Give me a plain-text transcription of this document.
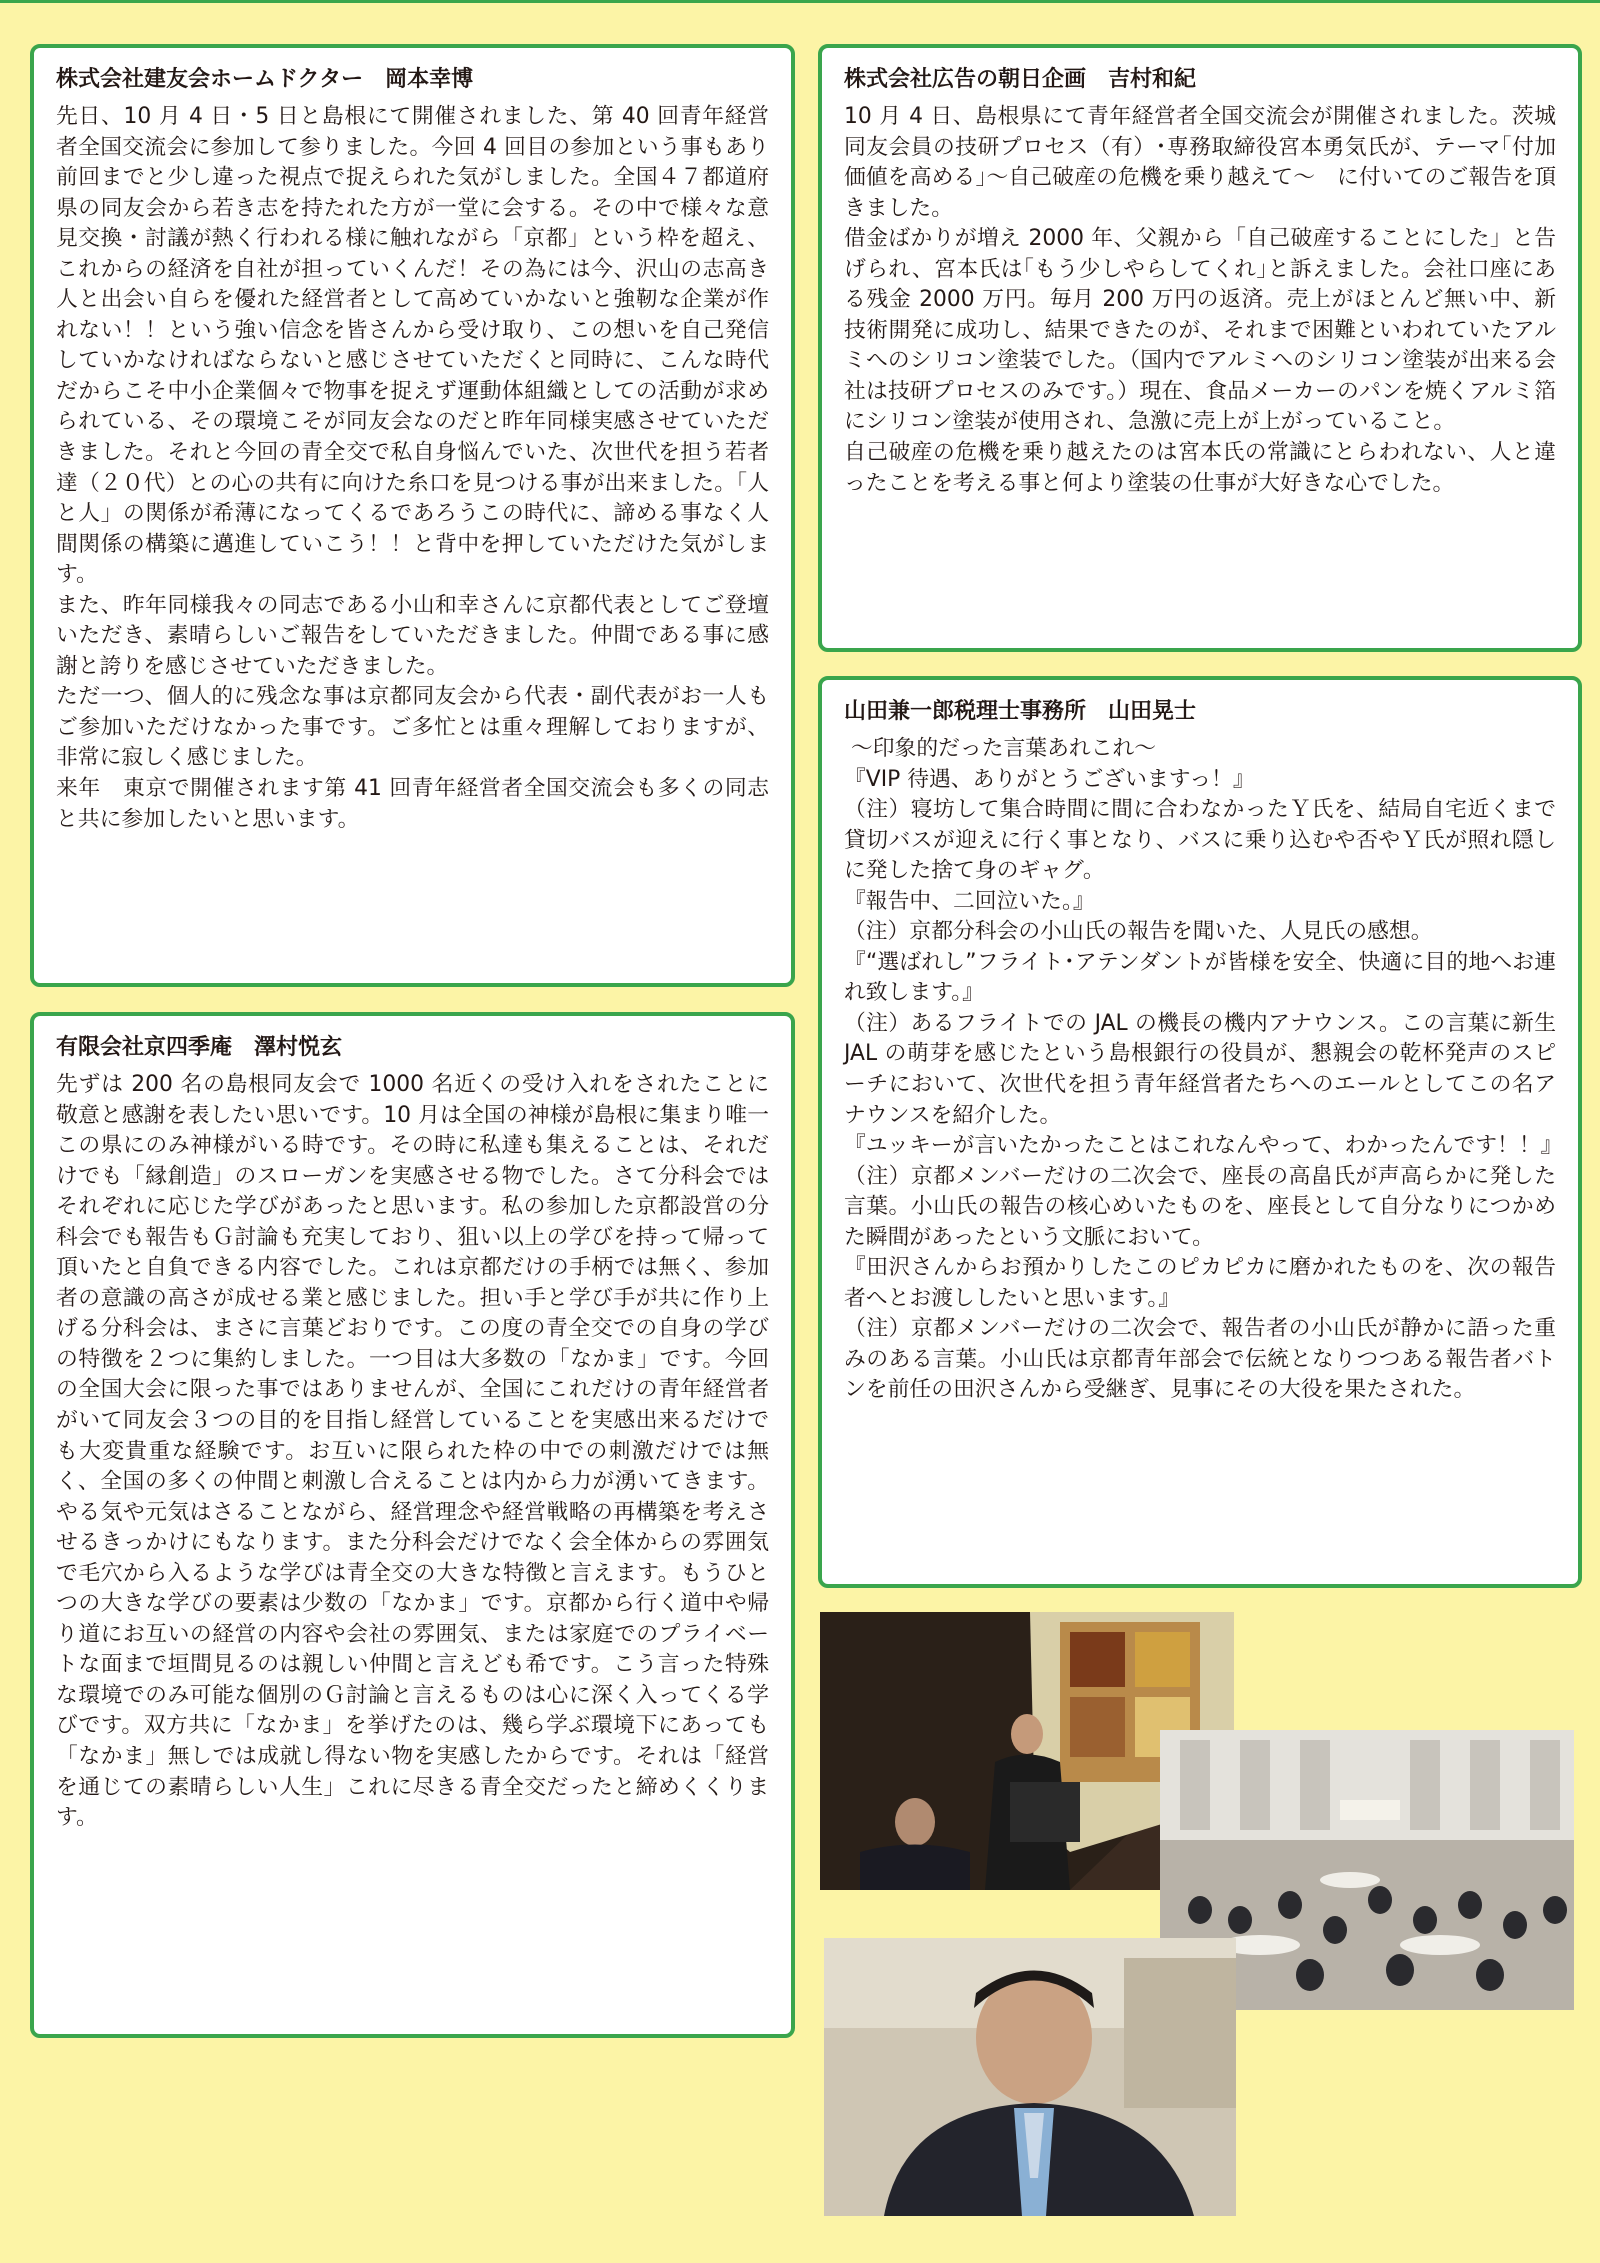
株式会社建友会ホームドクター　岡本幸博

先日、10 月 4 日・5 日と島根にて開催されました、第 40 回青年経営者全国交流会に参加して参りました。今回 4 回目の参加という事もあり前回までと少し違った視点で捉えられた気がしました。全国４７都道府県の同友会から若き志を持たれた方が一堂に会する。その中で様々な意見交換・討議が熱く行われる様に触れながら「京都」という枠を超え、これからの経済を自社が担っていくんだ！その為には今、沢山の志高き人と出会い自らを優れた経営者として高めていかないと強靭な企業が作れない！！という強い信念を皆さんから受け取り、この想いを自己発信していかなければならないと感じさせていただくと同時に、こんな時代だからこそ中小企業個々で物事を捉えず運動体組織としての活動が求められている、その環境こそが同友会なのだと昨年同様実感させていただきました。それと今回の青全交で私自身悩んでいた、次世代を担う若者達（２０代）との心の共有に向けた糸口を見つける事が出来ました。「人と人」の関係が希薄になってくるであろうこの時代に、諦める事なく人間関係の構築に邁進していこう！！と背中を押していただけた気がします。

また、昨年同様我々の同志である小山和幸さんに京都代表としてご登壇いただき、素晴らしいご報告をしていただきました。仲間である事に感謝と誇りを感じさせていただきました。

ただ一つ、個人的に残念な事は京都同友会から代表・副代表がお一人もご参加いただけなかった事です。ご多忙とは重々理解しておりますが、非常に寂しく感じました。

来年　東京で開催されます第 41 回青年経営者全国交流会も多くの同志と共に参加したいと思います。

有限会社京四季庵　澤村悦玄

先ずは 200 名の島根同友会で 1000 名近くの受け入れをされたことに敬意と感謝を表したい思いです。10 月は全国の神様が島根に集まり唯一この県にのみ神様がいる時です。その時に私達も集えることは、それだけでも「縁創造」のスローガンを実感させる物でした。さて分科会ではそれぞれに応じた学びがあったと思います。私の参加した京都設営の分科会でも報告もＧ討論も充実しており、狙い以上の学びを持って帰って頂いたと自負できる内容でした。これは京都だけの手柄では無く、参加者の意識の高さが成せる業と感じました。担い手と学び手が共に作り上げる分科会は、まさに言葉どおりです。この度の青全交での自身の学びの特徴を２つに集約しました。一つ目は大多数の「なかま」です。今回の全国大会に限った事ではありませんが、全国にこれだけの青年経営者がいて同友会３つの目的を目指し経営していることを実感出来るだけでも大変貴重な経験です。お互いに限られた枠の中での刺激だけでは無く、全国の多くの仲間と刺激し合えることは内から力が湧いてきます。やる気や元気はさることながら、経営理念や経営戦略の再構築を考えさせるきっかけにもなります。また分科会だけでなく会全体からの雰囲気で毛穴から入るような学びは青全交の大きな特徴と言えます。もうひとつの大きな学びの要素は少数の「なかま」です。京都から行く道中や帰り道にお互いの経営の内容や会社の雰囲気、または家庭でのプライベートな面まで垣間見るのは親しい仲間と言えども希です。こう言った特殊な環境でのみ可能な個別のＧ討論と言えるものは心に深く入ってくる学びです。双方共に「なかま」を挙げたのは、幾ら学ぶ環境下にあっても「なかま」無しでは成就し得ない物を実感したからです。それは「経営を通じての素晴らしい人生」これに尽きる青全交だったと締めくくります。

株式会社広告の朝日企画　吉村和紀

10 月 4 日、島根県にて青年経営者全国交流会が開催されました。茨城同友会員の技研プロセス（有）･専務取締役宮本勇気氏が、テーマ｢付加価値を高める｣〜自己破産の危機を乗り越えて〜　に付いてのご報告を頂きました。

借金ばかりが増え 2000 年、父親から「自己破産することにした」と告げられ、宮本氏は｢もう少しやらしてくれ｣と訴えました。会社口座にある残金 2000 万円。毎月 200 万円の返済。売上がほとんど無い中、新技術開発に成功し、結果できたのが、それまで困難といわれていたアルミへのシリコン塗装でした。（国内でアルミへのシリコン塗装が出来る会社は技研プロセスのみです。）現在、食品メーカーのパンを焼くアルミ箔にシリコン塗装が使用され、急激に売上が上がっていること。

自己破産の危機を乗り越えたのは宮本氏の常識にとらわれない、人と違ったことを考える事と何より塗装の仕事が大好きな心でした。

山田兼一郎税理士事務所　山田晃士

〜印象的だった言葉あれこれ〜

『VIP 待遇、ありがとうございますっ！』

（注）寝坊して集合時間に間に合わなかったＹ氏を、結局自宅近くまで貸切バスが迎えに行く事となり、バスに乗り込むや否やＹ氏が照れ隠しに発した捨て身のギャグ。

『報告中、二回泣いた。』

（注）京都分科会の小山氏の報告を聞いた、人見氏の感想。

『“選ばれし”フライト･アテンダントが皆様を安全、快適に目的地へお連れ致します。』

（注）あるフライトでの JAL の機長の機内アナウンス。この言葉に新生 JAL の萌芽を感じたという島根銀行の役員が、懇親会の乾杯発声のスピーチにおいて、次世代を担う青年経営者たちへのエールとしてこの名アナウンスを紹介した。

『ユッキーが言いたかったことはこれなんやって、わかったんです！！』

（注）京都メンバーだけの二次会で、座長の高畠氏が声高らかに発した言葉。小山氏の報告の核心めいたものを、座長として自分なりにつかめた瞬間があったという文脈において。

『田沢さんからお預かりしたこのピカピカに磨かれたものを、次の報告者へとお渡ししたいと思います。』

（注）京都メンバーだけの二次会で、報告者の小山氏が静かに語った重みのある言葉。小山氏は京都青年部会で伝統となりつつある報告者バトンを前任の田沢さんから受継ぎ、見事にその大役を果たされた。
